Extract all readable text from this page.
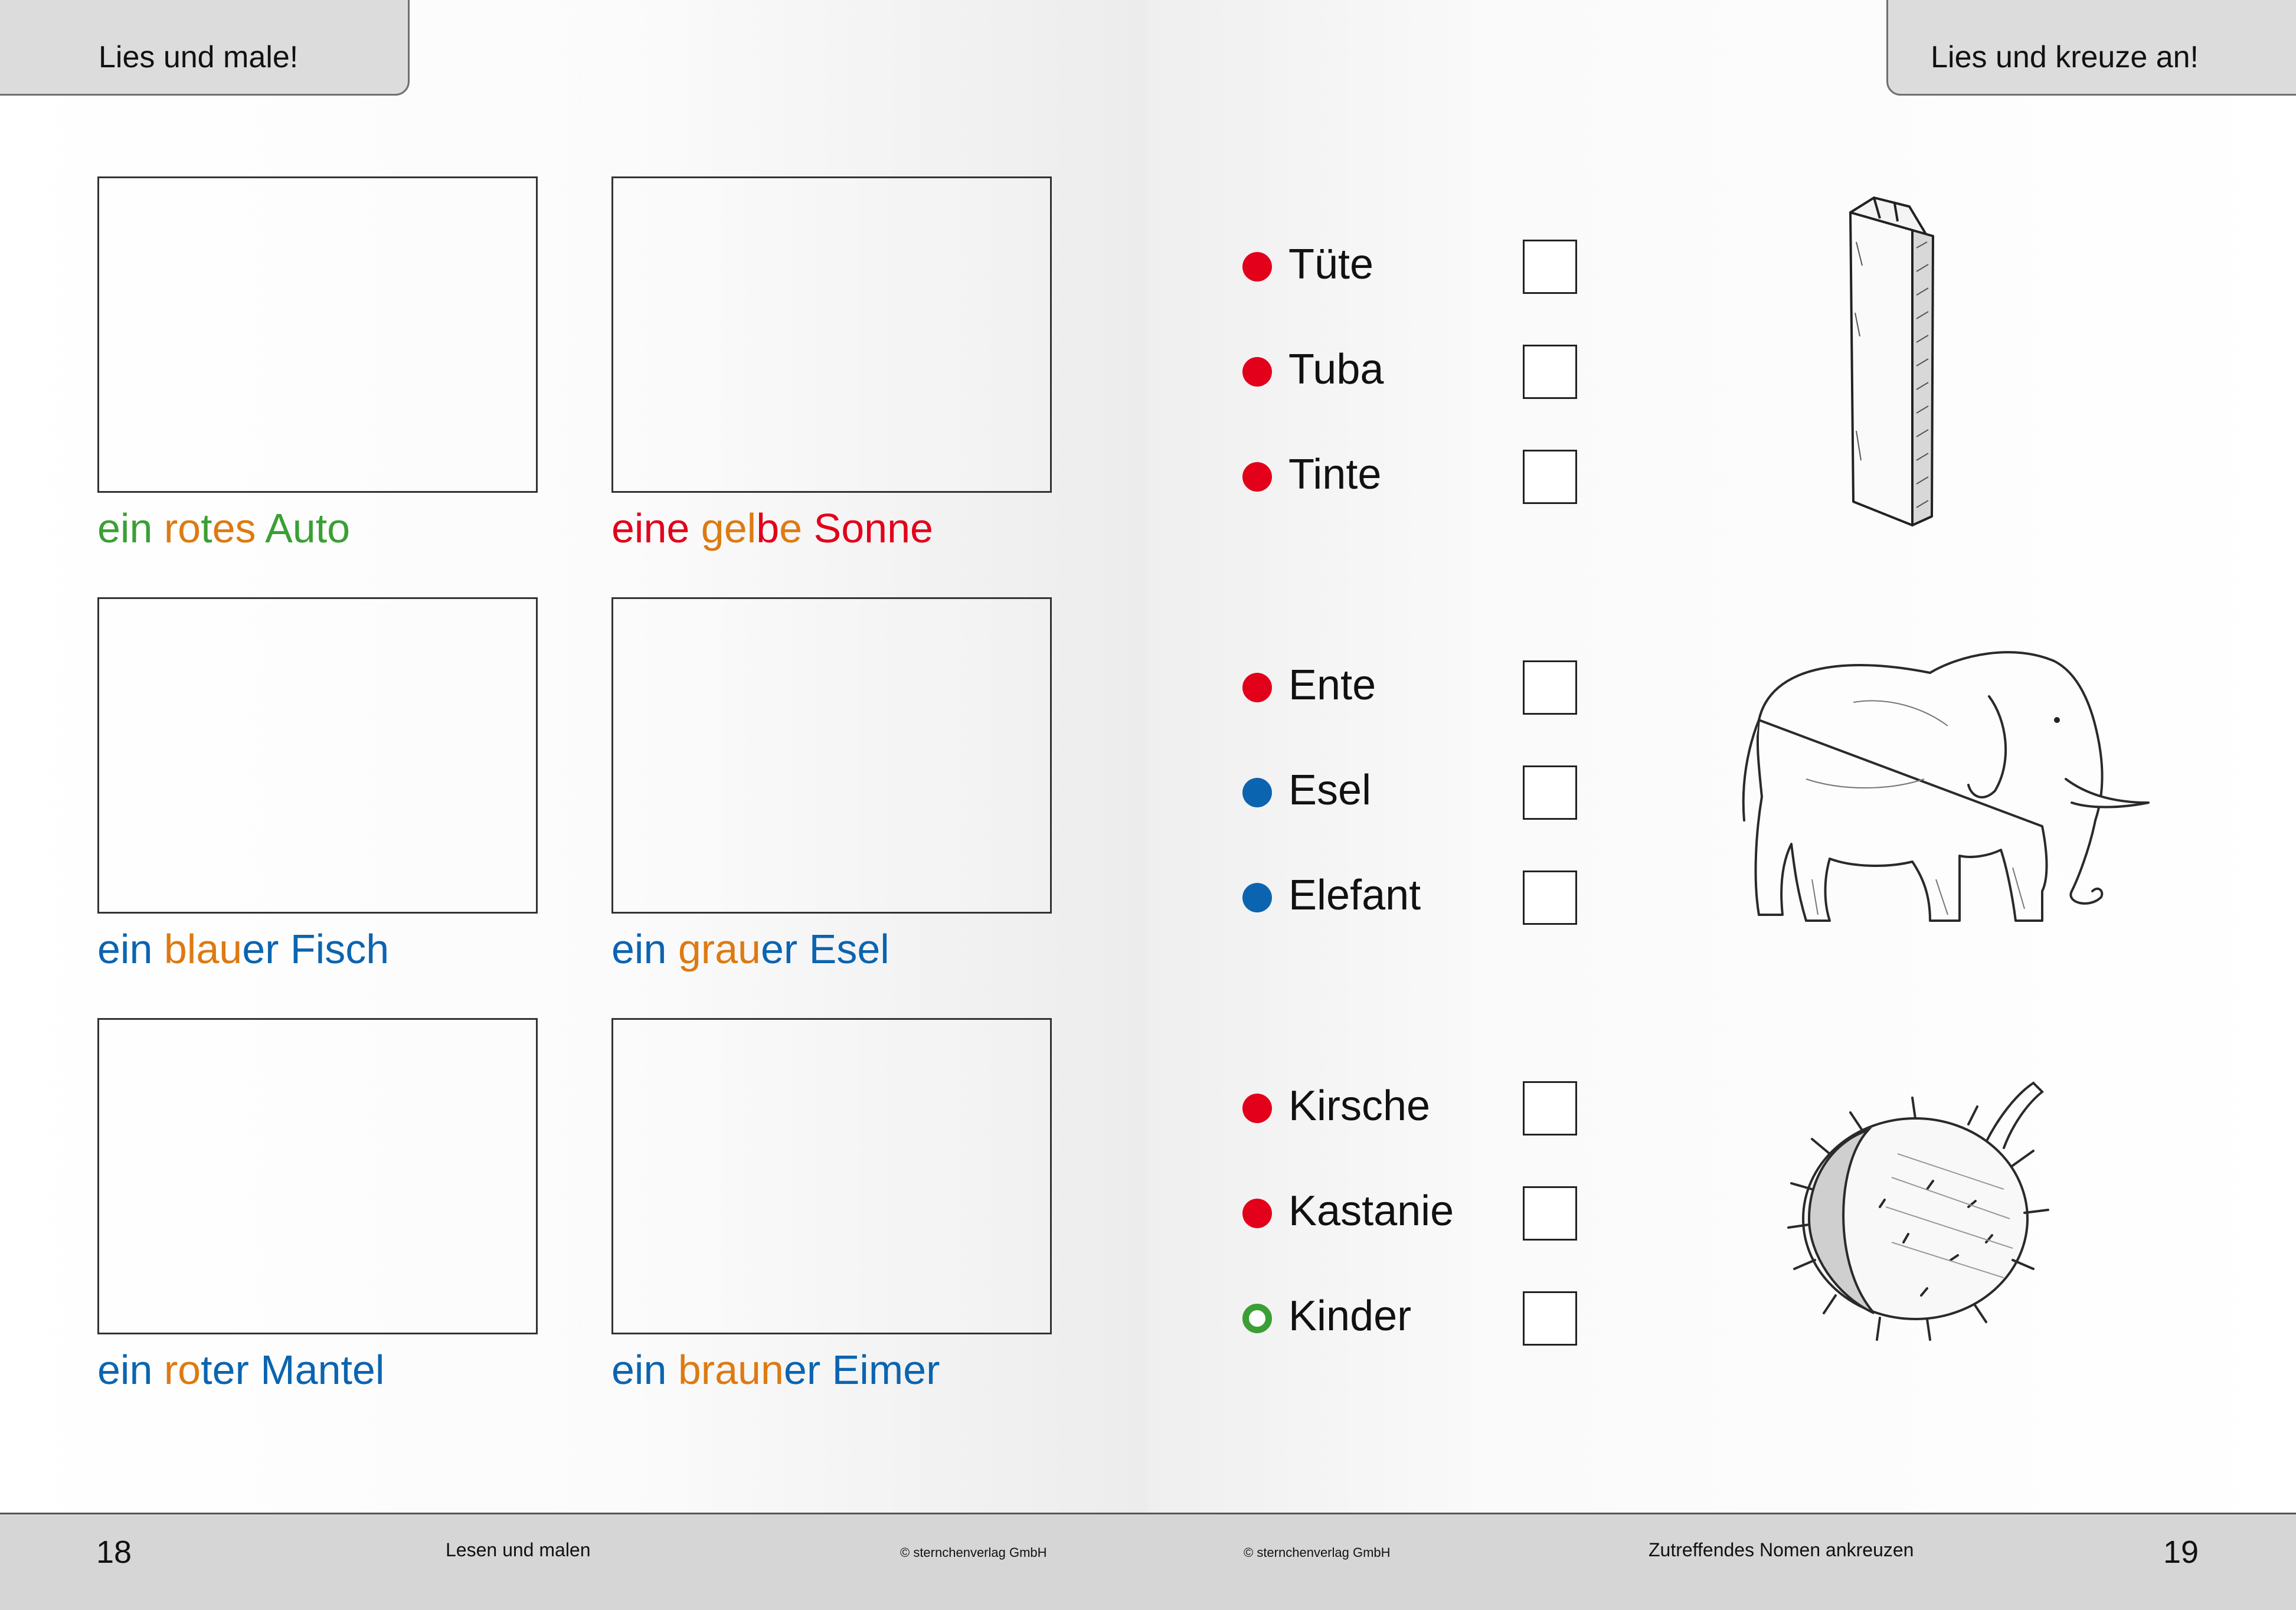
Lies und male!
ein rotes Auto	eine gelbe Sonne
ein blauer Fisch	ein grauer Esel
ein roter Mantel	ein brauner Eimer
Lies und kreuze an!
Tüte
Tuba
Tinte
Ente
Esel
Elefant
Kirsche
Kastanie
Kinder
18	Lesen und malen	© sternchenverlag GmbH	© sternchenverlag GmbH	Zutreffendes Nomen ankreuzen	19
